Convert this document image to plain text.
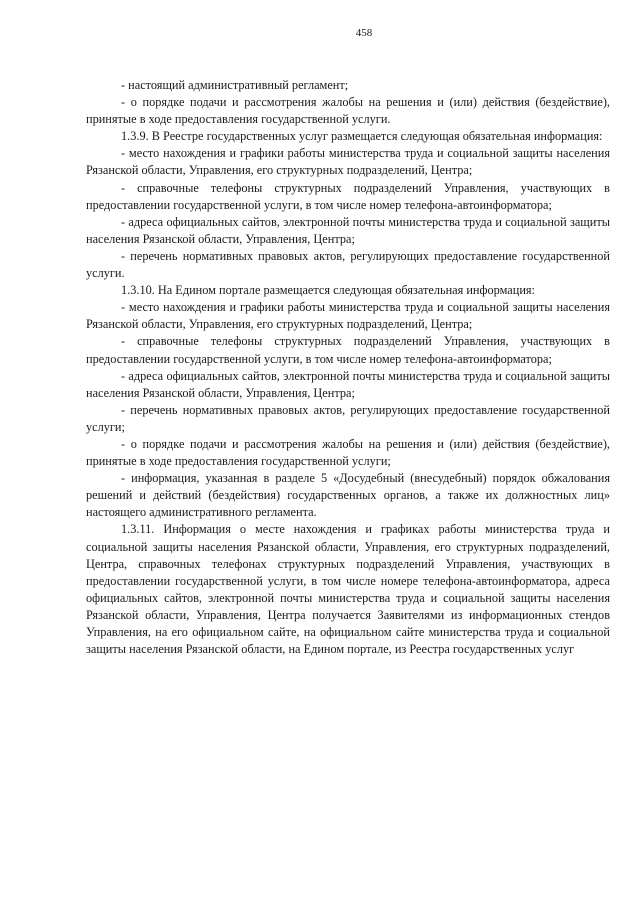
458

- настоящий административный регламент;

- о порядке подачи и рассмотрения жалобы на решения и (или) действия (бездействие), принятые в ходе предоставления государственной услуги.

1.3.9. В Реестре государственных услуг размещается следующая обязательная информация:

- место нахождения и графики работы министерства труда и социальной защиты населения Рязанской области, Управления, его структурных подразделений, Центра;

- справочные телефоны структурных подразделений Управления, участвующих в предоставлении государственной услуги, в том числе номер телефона-автоинформатора;

- адреса официальных сайтов, электронной почты министерства труда и социальной защиты населения Рязанской области, Управления, Центра;

- перечень нормативных правовых актов, регулирующих предоставление государственной услуги.

1.3.10. На Едином портале размещается следующая обязательная информация:

- место нахождения и графики работы министерства труда и социальной защиты населения Рязанской области, Управления, его структурных подразделений, Центра;

- справочные телефоны структурных подразделений Управления, участвующих в предоставлении государственной услуги, в том числе номер телефона-автоинформатора;

- адреса официальных сайтов, электронной почты министерства труда и социальной защиты населения Рязанской области, Управления, Центра;

- перечень нормативных правовых актов, регулирующих предоставление государственной услуги;

- о порядке подачи и рассмотрения жалобы на решения и (или) действия (бездействие), принятые в ходе предоставления государственной услуги;

- информация, указанная в разделе 5 «Досудебный (внесудебный) порядок обжалования решений и действий (бездействия) государственных органов, а также их должностных лиц» настоящего административного регламента.

1.3.11. Информация о месте нахождения и графиках работы министерства труда и социальной защиты населения Рязанской области, Управления, его структурных подразделений, Центра, справочных телефонах структурных подразделений Управления, участвующих в предоставлении государственной услуги, в том числе номере телефона-автоинформатора, адреса официальных сайтов, электронной почты министерства труда и социальной защиты населения Рязанской области, Управления, Центра получается Заявителями из информационных стендов Управления, на его официальном сайте, на официальном сайте министерства труда и социальной защиты населения Рязанской области, на Едином портале, из Реестра государственных услуг
